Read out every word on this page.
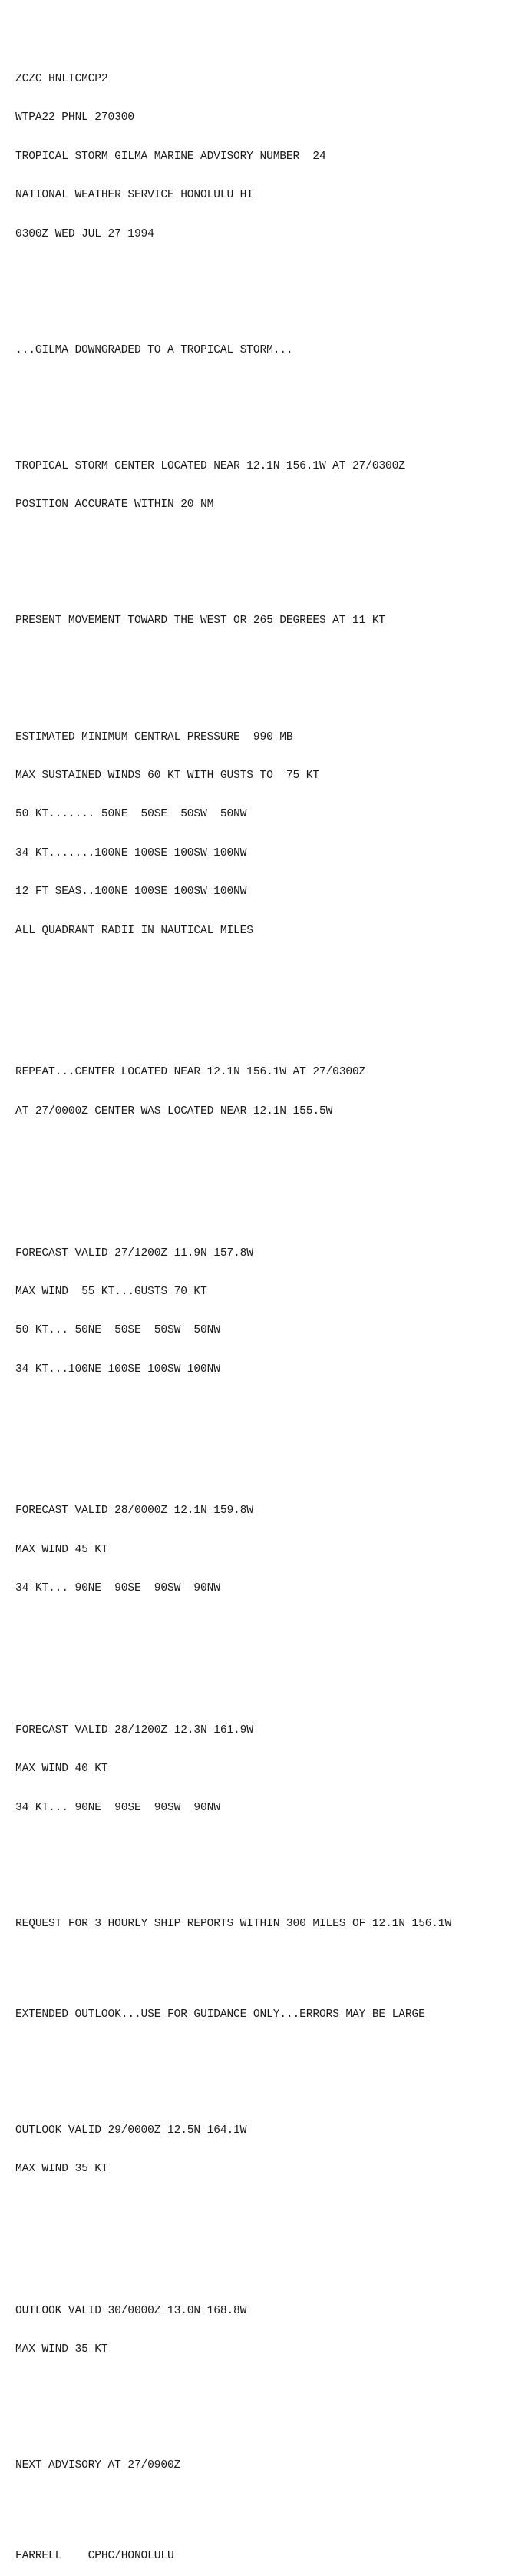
ZCZC HNLTCMCP2

WTPA22 PHNL 270300

TROPICAL STORM GILMA MARINE ADVISORY NUMBER  24

NATIONAL WEATHER SERVICE HONOLULU HI

0300Z WED JUL 27 1994

...GILMA DOWNGRADED TO A TROPICAL STORM...

TROPICAL STORM CENTER LOCATED NEAR 12.1N 156.1W AT 27/0300Z

POSITION ACCURATE WITHIN 20 NM

PRESENT MOVEMENT TOWARD THE WEST OR 265 DEGREES AT 11 KT

ESTIMATED MINIMUM CENTRAL PRESSURE  990 MB

MAX SUSTAINED WINDS 60 KT WITH GUSTS TO  75 KT

50 KT....... 50NE  50SE  50SW  50NW

34 KT.......100NE 100SE 100SW 100NW

12 FT SEAS..100NE 100SE 100SW 100NW

ALL QUADRANT RADII IN NAUTICAL MILES

REPEAT...CENTER LOCATED NEAR 12.1N 156.1W AT 27/0300Z

AT 27/0000Z CENTER WAS LOCATED NEAR 12.1N 155.5W

FORECAST VALID 27/1200Z 11.9N 157.8W

MAX WIND  55 KT...GUSTS 70 KT

50 KT... 50NE  50SE  50SW  50NW

34 KT...100NE 100SE 100SW 100NW

FORECAST VALID 28/0000Z 12.1N 159.8W

MAX WIND 45 KT

34 KT... 90NE  90SE  90SW  90NW

FORECAST VALID 28/1200Z 12.3N 161.9W

MAX WIND 40 KT

34 KT... 90NE  90SE  90SW  90NW

REQUEST FOR 3 HOURLY SHIP REPORTS WITHIN 300 MILES OF 12.1N 156.1W

EXTENDED OUTLOOK...USE FOR GUIDANCE ONLY...ERRORS MAY BE LARGE

OUTLOOK VALID 29/0000Z 12.5N 164.1W

MAX WIND 35 KT

OUTLOOK VALID 30/0000Z 13.0N 168.8W

MAX WIND 35 KT

NEXT ADVISORY AT 27/0900Z

FARRELL    CPHC/HONOLULU
